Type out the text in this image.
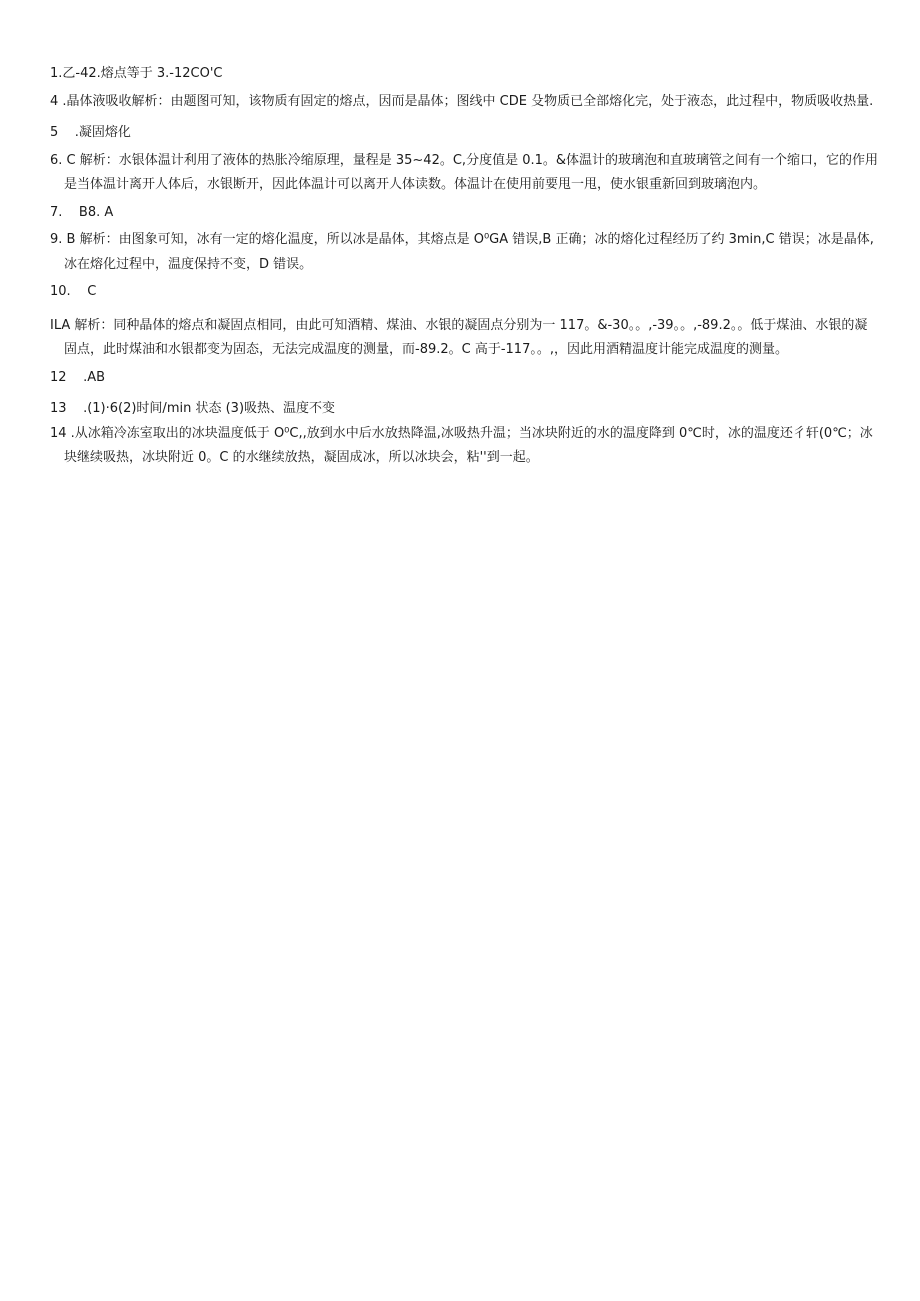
1.乙-42.熔点等于 3.-12CO'C

4 .晶体液吸收解析：由题图可知，该物质有固定的熔点，因而是晶体；图线中 CDE 殳物质已全部熔化完，处于液态，此过程中，物质吸收热量.

5    .凝固熔化

6. C 解析：水银体温计利用了液体的热胀冷缩原理，量程是 35~42。C,分度值是 0.1。&体温计的玻璃泡和直玻璃管之间有一个缩口，它的作用是当体温计离开人体后，水银断开，因此体温计可以离开人体读数。体温计在使用前要甩一甩，使水银重新回到玻璃泡内。

7.    B8. A

9. B 解析：由图象可知，冰有一定的熔化温度，所以冰是晶体，其熔点是 O⁰GA 错误,B 正确；冰的熔化过程经历了约 3min,C 错误；冰是晶体,冰在熔化过程中，温度保持不变，D 错误。

10.    C

ILA 解析：同种晶体的熔点和凝固点相同，由此可知酒精、煤油、水银的凝固点分别为一 117。&-30。。,-39。。,-89.2。。低于煤油、水银的凝固点，此时煤油和水银都变为固态，无法完成温度的测量，而-89.2。C 高于-117。。,，因此用酒精温度计能完成温度的测量。

12    .AB

13    .(1)·6(2)时间/min 状态 (3)吸热、温度不变

14 .从冰箱冷冻室取出的冰块温度低于 O⁰C,,放到水中后水放热降温,冰吸热升温；当冰块附近的水的温度降到 0℃时，冰的温度还彳轩(0℃；冰块继续吸热，冰块附近 0。C 的水继续放热，凝固成冰，所以冰块会，粘''到一起。
